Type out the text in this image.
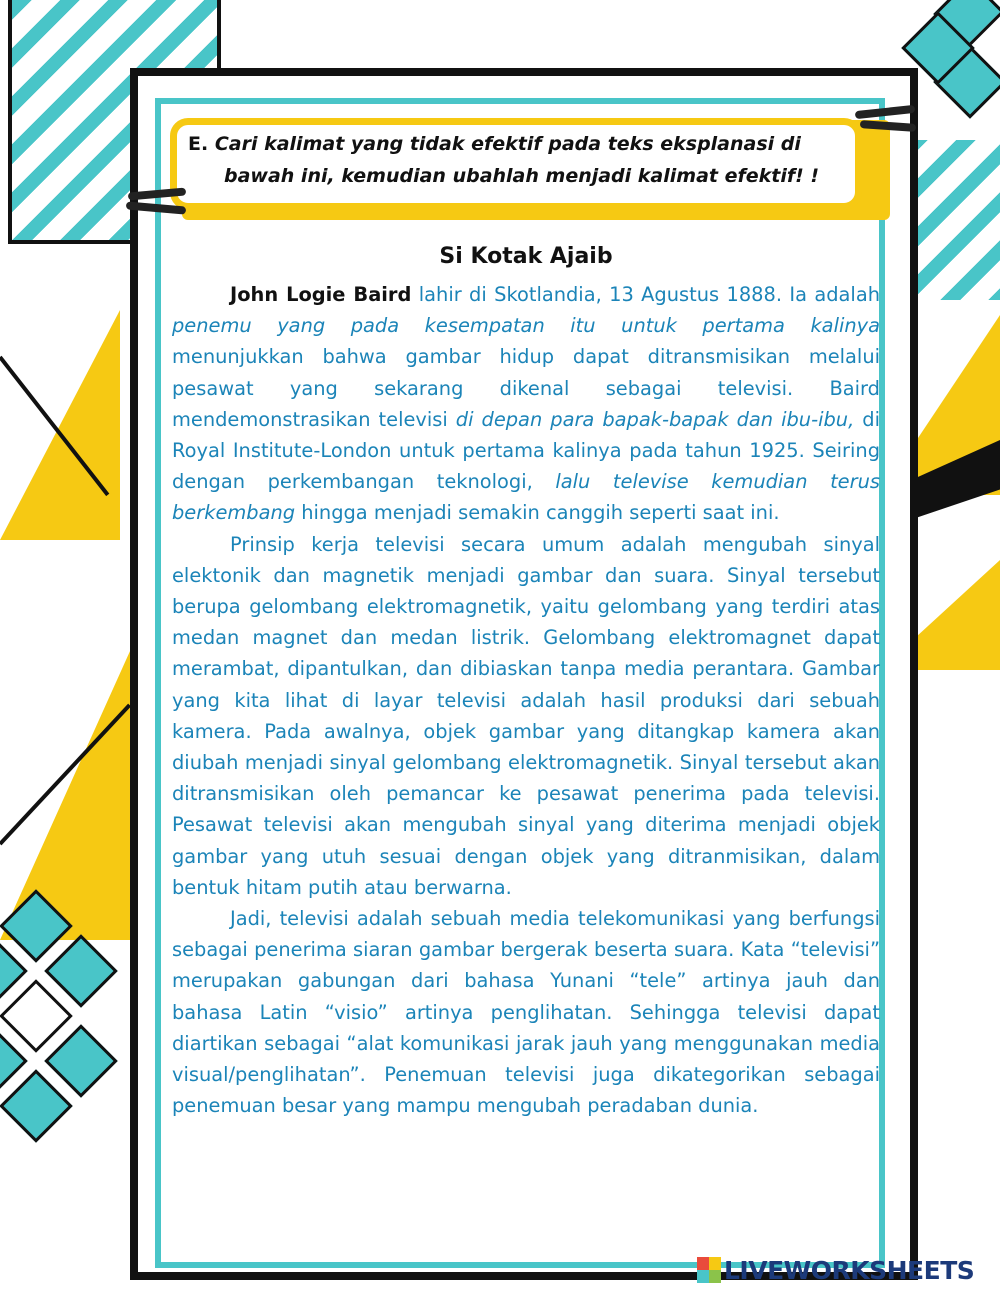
E. Cari kalimat yang tidak efektif pada teks eksplanasi di
bawah ini, kemudian ubahlah menjadi kalimat efektif! !
Si Kotak Ajaib

John Logie Baird lahir di Skotlandia, 13 Agustus 1888. Ia adalah penemu yang pada kesempatan itu untuk pertama kalinya menunjukkan bahwa gambar hidup dapat ditransmisikan melalui pesawat yang sekarang dikenal sebagai televisi. Baird mendemonstrasikan televisi di depan para bapak-bapak dan ibu-ibu, di Royal Institute-London untuk pertama kalinya pada tahun 1925. Seiring dengan perkembangan teknologi, lalu televise kemudian terus berkembang hingga menjadi semakin canggih seperti saat ini.

Prinsip kerja televisi secara umum adalah mengubah sinyal elektonik dan magnetik menjadi gambar dan suara. Sinyal tersebut berupa gelombang elektromagnetik, yaitu gelombang yang terdiri atas medan magnet dan medan listrik. Gelombang elektromagnet dapat merambat, dipantulkan, dan dibiaskan tanpa media perantara. Gambar yang kita lihat di layar televisi adalah hasil produksi dari sebuah kamera. Pada awalnya, objek gambar yang ditangkap kamera akan diubah menjadi sinyal gelombang elektromagnetik. Sinyal tersebut akan ditransmisikan oleh pemancar ke pesawat penerima pada televisi. Pesawat televisi akan mengubah sinyal yang diterima menjadi objek gambar yang utuh sesuai dengan objek yang ditranmisikan, dalam bentuk hitam putih atau berwarna.

Jadi, televisi adalah sebuah media telekomunikasi yang berfungsi sebagai penerima siaran gambar bergerak beserta suara. Kata “televisi” merupakan gabungan dari bahasa Yunani “tele” artinya jauh dan bahasa Latin “visio” artinya penglihatan. Sehingga televisi dapat diartikan sebagai “alat komunikasi jarak jauh yang menggunakan media visual/penglihatan”. Penemuan televisi juga dikategorikan sebagai penemuan besar yang mampu mengubah peradaban dunia.

LIVEWORKSHEETS
